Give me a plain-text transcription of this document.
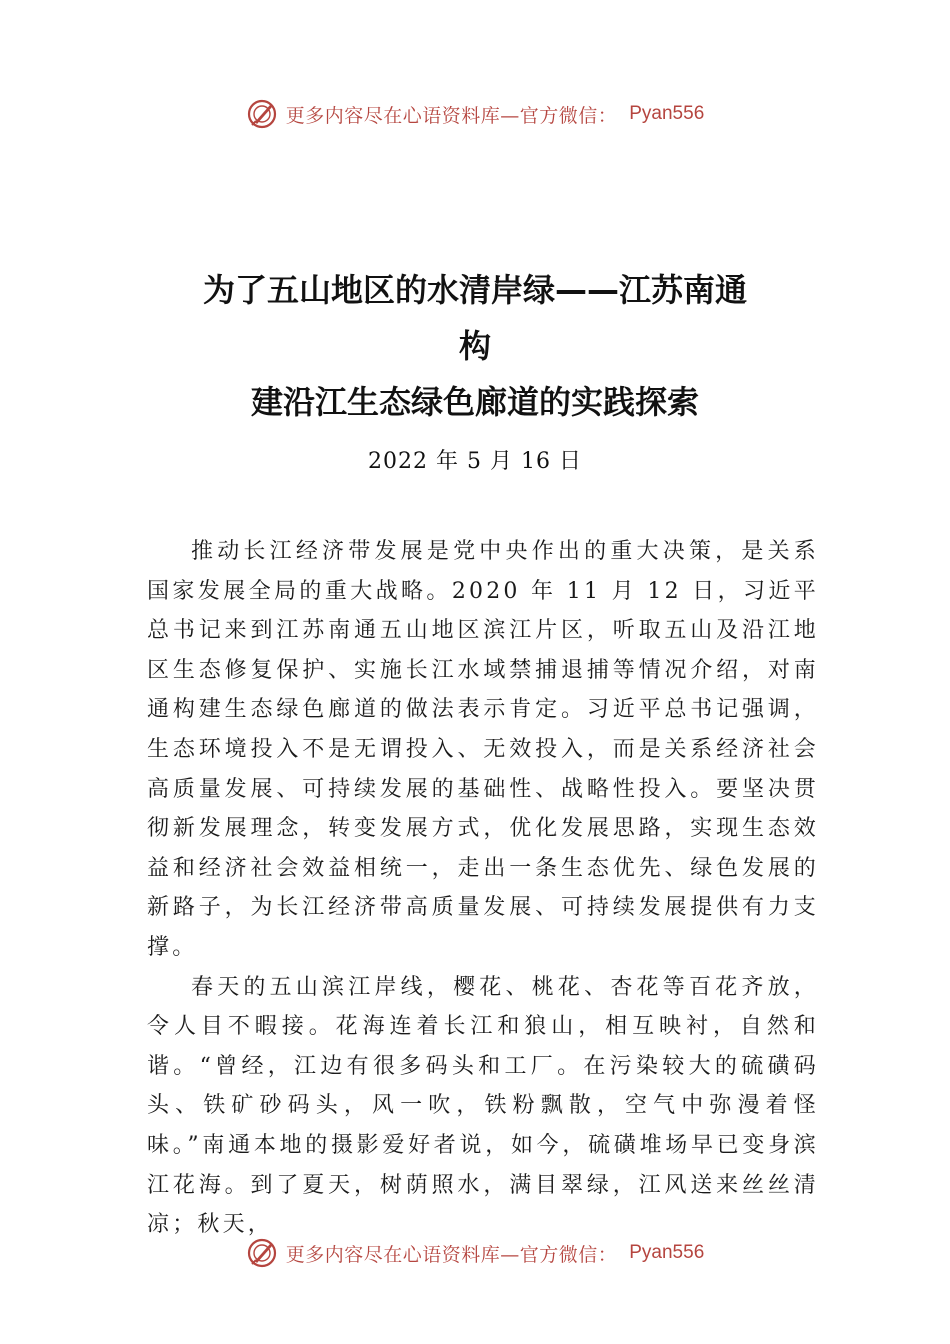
更多内容尽在心语资料库—官方微信： Pyan556
为了五山地区的水清岸绿——江苏南通
构
建沿江生态绿色廊道的实践探索
2022 年 5 月 16 日

推动长江经济带发展是党中央作出的重大决策，是关系国家发展全局的重大战略。2020 年 11 月 12 日，习近平总书记来到江苏南通五山地区滨江片区，听取五山及沿江地区生态修复保护、实施长江水域禁捕退捕等情况介绍，对南通构建生态绿色廊道的做法表示肯定。习近平总书记强调，生态环境投入不是无谓投入、无效投入，而是关系经济社会高质量发展、可持续发展的基础性、战略性投入。要坚决贯彻新发展理念，转变发展方式，优化发展思路，实现生态效益和经济社会效益相统一，走出一条生态优先、绿色发展的新路子，为长江经济带高质量发展、可持续发展提供有力支撑。

春天的五山滨江岸线，樱花、桃花、杏花等百花齐放，令人目不暇接。花海连着长江和狼山，相互映衬，自然和谐。“曾经，江边有很多码头和工厂。在污染较大的硫磺码头、铁矿砂码头，风一吹，铁粉飘散，空气中弥漫着怪味。”南通本地的摄影爱好者说，如今，硫磺堆场早已变身滨江花海。到了夏天，树荫照水，满目翠绿，江风送来丝丝清凉；秋天，

更多内容尽在心语资料库—官方微信： Pyan556
